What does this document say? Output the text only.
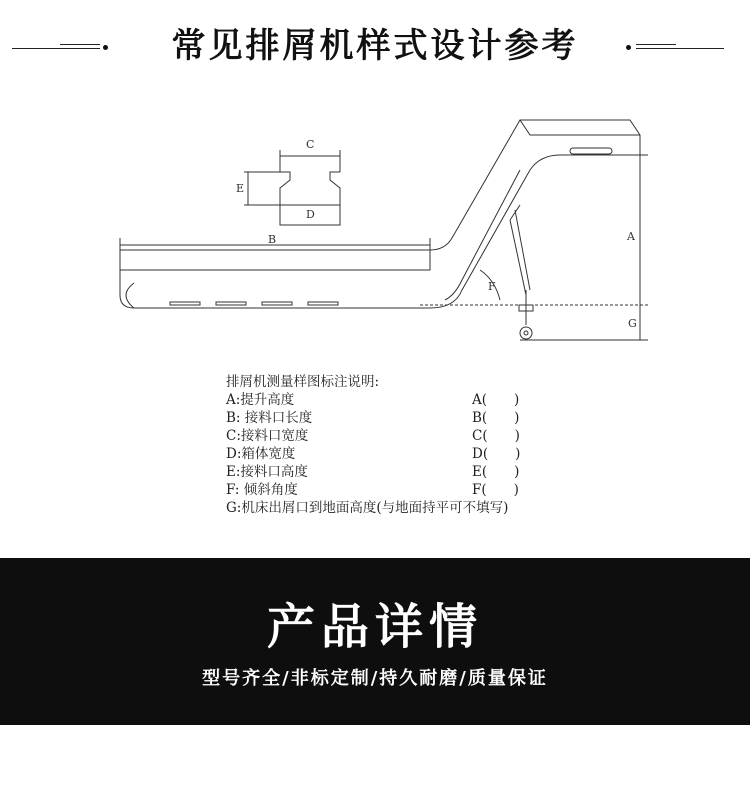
常见排屑机样式设计参考
C
D
E
B	A
F
G
排屑机测量样图标注说明:
A:提升高度	A(　　)
B: 接料口长度	B(　　)
C:接料口宽度	C(　　)
D:箱体宽度	D(　　)
E:接料口高度	E(　　)
F: 倾斜角度	F(　　)
G:机床出屑口到地面高度(与地面持平可不填写)
产品详情
型号齐全/非标定制/持久耐磨/质量保证
